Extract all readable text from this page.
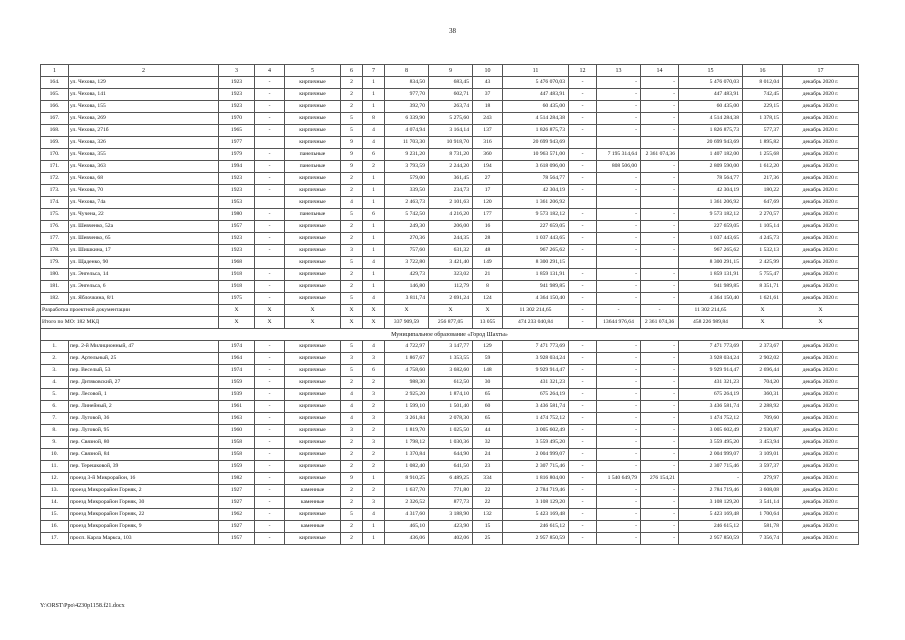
38
1	2	3	4	5	6	7	8	9	10	11	12	13	14	15	16	17
164.	ул. Чехова, 129	1923	-	кирпичные	2	1	834,50	683,45	43	5 476 070,03	-	-	-	5 476 070,03	8 012,04	декабрь 2020 г.
165.	ул. Чехова, 141	1923	-	кирпичные	2	1	977,70	602,71	37	447 483,91	-	-	-	447 483,91	742,45	декабрь 2020 г.
166.	ул. Чехова, 155	1923	-	кирпичные	2	1	392,70	263,74	18	60 435,00	-	-	-	60 435,00	229,15	декабрь 2020 г.
167.	ул. Чехова, 269	1970	-	кирпичные	5	8	6 339,90	5 275,60	243	4 514 284,38	-	-	-	4 514 284,38	1 378,15	декабрь 2020 г.
168.	ул. Чехова, 271б	1965	-	кирпичные	5	4	4 074,94	3 164,14	137	1 826 875,73	-	-	-	1 826 875,73	577,37	декабрь 2020 г.
169.	ул. Чехова, 326	1977		кирпичные	9	4	11 703,30	10 918,70	316	20 699 943,69				20 699 943,69	1 895,82	декабрь 2020 г.
170.	ул. Чехова, 355	1979	-	панельные	9	6	9 231,20	8 731,20	360	10 963 571,00	-	7 195 314,64	2 361 074,36	1 407 182,00	1 255,68	декабрь 2020 г.
171.	ул. Чехова, 363	1994	-	панельные	9	2	3 793,59	2 244,20	194	3 618 096,00	-	808 506,00	-	2 809 590,00	1 612,20	декабрь 2020 г.
172.	ул. Чехова, 68	1923	-	кирпичные	2	1	579,00	361,45	27	78 564,77	-	-	-	78 564,77	217,36	декабрь 2020 г.
173.	ул. Чехова, 70	1923	-	кирпичные	2	1	339,50	234,73	17	42 304,19	-	-	-	42 304,19	180,22	декабрь 2020 г.
174.	ул. Чехова, 74а	1953		кирпичные	4	1	2 463,73	2 101,63	120	1 361 206,92				1 361 206,92	647,69	декабрь 2020 г.
175.	ул. Чучена, 22	1980	-	панельные	5	6	5 742,50	4 216,20	177	9 573 182,12	-	-	-	9 573 182,12	2 270,57	декабрь 2020 г.
176.	ул. Шевченко, 52а	1957	-	кирпичные	2	1	249,30	206,00	16	227 659,05	-	-	-	227 659,05	1 105,14	декабрь 2020 г.
177.	ул. Шевченко, 65	1923	-	кирпичные	2	1	270,36	244,35	28	1 037 443,65	-	-	-	1 037 443,65	4 245,73	декабрь 2020 г.
178.	ул. Шишкина, 17	1923	-	кирпичные	3	1	757,60	631,32	48	967 265,62	-	-	-	967 265,62	1 532,13	декабрь 2020 г.
179.	ул. Щаденко, 90	1968		кирпичные	5	4	3 722,80	3 421,40	149	8 300 291,15				8 300 291,15	2 425,99	декабрь 2020 г.
180.	ул. Энгельса, 14	1918	-	кирпичные	2	1	429,73	323,02	21	1 859 131,91	-	-	-	1 859 131,91	5 755,47	декабрь 2020 г.
181.	ул. Энгельса, 6	1918	-	кирпичные	2	1	146,80	112,79	8	941 989,85	-	-	-	941 989,85	8 351,71	декабрь 2020 г.
182.	ул. Яблочкина, 8/1	1975	-	кирпичные	5	4	3 811,74	2 691,24	124	4 364 150,40	-	-	-	4 364 150,40	1 621,61	декабрь 2020 г.
Разработка проектной документации		X	X	X	X	X	X	X	X	11 302 214,65	-	-	-	11 302 214,65	X	X
Итого по МО: 182 МКД		X	X	X	X	X	337 909,59	256 877,05	13 055	474 233 040,84	-	13644 976,64	2 361 074,36	458 226 989,84	X	X
Муниципальное образование «Город Шахты»																
1.	пер. 2-й Милиционный, 47	1974	-	кирпичные	5	4	4 722,97	3 147,77	129	7 471 773,69	-	-	-	7 471 773,69	2 373,67	декабрь 2020 г.
2.	пер. Артельный, 25	1964	-	кирпичные	3	3	1 867,67	1 353,55	59	3 928 034,24	-	-	-	3 928 034,24	2 902,02	декабрь 2020 г.
3.	пер. Веселый, 53	1974	-	кирпичные	5	6	4 758,60	3 682,60	148	9 929 914,47	-	-	-	9 929 914,47	2 696,44	декабрь 2020 г.
4.	пер. Дитяковский, 27	1959	-	кирпичные	2	2	988,30	612,50	30	431 321,23	-	-	-	431 321,23	704,20	декабрь 2020 г.
5.	пер. Лесовой, 1	1939	-	кирпичные	4	3	2 925,20	1 874,10	65	675 264,19	-	-	-	675 264,19	360,31	декабрь 2020 г.
6.	пер. Линейный, 2	1961	-	кирпичные	4	2	1 599,10	1 501,40	60	3 436 581,74	-	-	-	3 436 581,74	2 288,92	декабрь 2020 г.
7.	пер. Луговой, 36	1963	-	кирпичные	4	3	3 261,84	2 078,30	65	1 474 752,12	-	-	-	1 474 752,12	709,60	декабрь 2020 г.
8.	пер. Луговой, 95	1960	-	кирпичные	3	2	1 819,70	1 025,50	44	3 005 602,49	-	-	-	3 005 602,49	2 930,87	декабрь 2020 г.
9.	пер. Связной, 80	1958	-	кирпичные	2	3	1 798,12	1 030,36	32	3 559 495,20	-	-	-	3 559 495,20	3 453,94	декабрь 2020 г.
10.	пер. Связной, 84	1958	-	кирпичные	2	2	1 370,84	644,90	24	2 004 999,07	-	-	-	2 004 999,07	3 109,01	декабрь 2020 г.
11.	пер. Терешковой, 39	1959	-	кирпичные	2	2	1 082,40	641,50	23	2 307 715,46	-	-	-	2 307 715,46	3 597,37	декабрь 2020 г.
12.	проезд 3-й Микрорайон, 16	1982	-	кирпичные	9	1	8 910,25	6 489,25	334	1 816 804,00	-	1 540 649,79	276 154,21	-	279,97	декабрь 2020 г.
13.	проезд Микрорайон Горняк, 2	1927	-	каменные	2	2	1 637,70	771,80	22	2 784 719,46	-	-	-	2 784 719,46	3 608,08	декабрь 2020 г.
14.	проезд Микрорайон Горняк, 30	1927	-	каменные	2	3	2 326,52	877,73	22	3 108 129,20	-	-	-	3 108 129,20	3 541,14	декабрь 2020 г.
15.	проезд Микрорайон Горняк, 22	1962	-	кирпичные	5	4	4 317,60	3 188,90	132	5 423 169,48	-	-	-	5 423 169,48	1 700,64	декабрь 2020 г.
16.	проезд Микрорайон Горняк, 9	1927	-	каменные	2	1	465,10	423,90	15	246 615,12	-	-	-	246 615,12	581,78	декабрь 2020 г.
17.	просп. Карла Маркса, 103	1957	-	кирпичные	2	1	436,06	402,06	25	2 957 850,59	-	-	-	2 957 850,59	7 356,74	декабрь 2020 г.
Y:\ORST\Ppo\4230p1158.f21.docx
